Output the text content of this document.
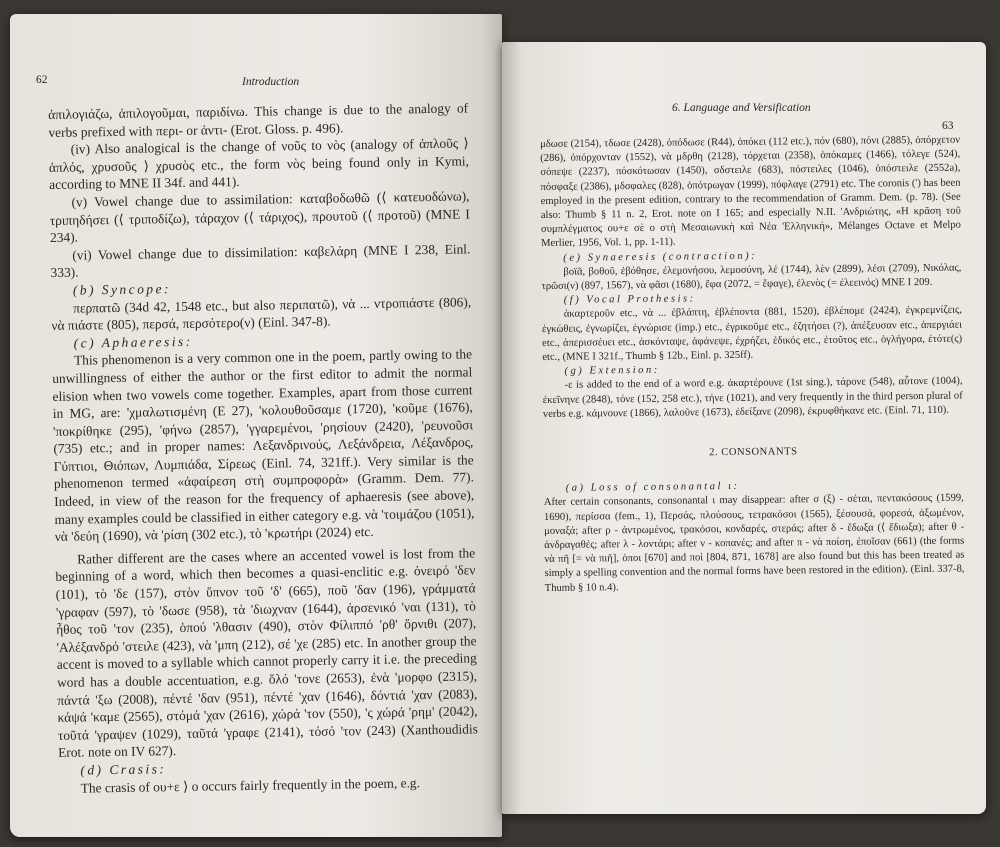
62	Introduction

ἀπιλογιάζω, ἀπιλογοῦμαι, παριδίνω. This change is due to the analogy of verbs prefixed with περι- or ἀντι- (Erot. Gloss. p. 496).

(iv) Also analogical is the change of νοῦς to νὸς (analogy of ἁπλοῦς ⟩ ἁπλός, χρυσοῦς ⟩ χρυσὸς etc., the form νὸς being found only in Kymi, according to MNE II 34f. and 441).

(v) Vowel change due to assimilation: καταβοδωθῶ (⟨ κατευοδώνω), τριπηδήσει (⟨ τριποδίζω), τάραχον (⟨ τάριχος), προυτοῦ (⟨ προτοῦ) (MNE I 234).

(vi) Vowel change due to dissimilation: καβελάρη (MNE I 238, Einl. 333).

(b) Syncope:

περπατῶ (34d 42, 1548 etc., but also περιπατῶ), νὰ ... ντροπιάστε (806), νὰ πιάστε (805), περσά, περσότερο(ν) (Einl. 347-8).

(c) Aphaeresis:

This phenomenon is a very common one in the poem, partly owing to the unwillingness of either the author or the first editor to admit the normal elision when two vowels come together. Examples, apart from those current in MG, are: 'χμαλωτισμένη (E 27), 'κολουθοῦσαμε (1720), 'κοῦμε (1676), 'ποκρίθηκε (295), 'φήνω (2857), 'γγαρεμένοι, 'ρησίουν (2420), 'ρευνοῦσι (735) etc.; and in proper names: Λεξανδρινούς, Λεξάνδρεια, Λέξανδρος, Γύπτιοι, Θιόπων, Λυμπιάδα, Σίρεως (Einl. 74, 321ff.). Very similar is the phenomenon termed «ἀφαίρεση στὴ συμπροφορὰ» (Gramm. Dem. 77). Indeed, in view of the reason for the frequency of aphaeresis (see above), many examples could be classified in either category e.g. νὰ 'τοιμάζου (1051), νὰ 'δεύη (1690), νὰ 'ρίση (302 etc.), τὸ 'κρωτήρι (2024) etc.

Rather different are the cases where an accented vowel is lost from the beginning of a word, which then becomes a quasi-enclitic e.g. ὀνειρό 'δεν (101), τὸ 'δε (157), στὸν ὕπνον τοῦ 'δ' (665), ποῦ 'δαν (196), γράμματά 'γραφαν (597), τὸ 'δωσε (958), τὰ 'διωχναν (1644), ἀρσενικό 'ναι (131), τὸ ἦθος τοῦ 'τον (235), ὁπού 'λθασιν (490), στὸν Φίλιππό 'ρθ' ὄρνιθι (207), 'Αλέξανδρό 'στειλε (423), νὰ 'μπη (212), σέ 'χε (285) etc. In another group the accent is moved to a syllable which cannot properly carry it i.e. the preceding word has a double accentuation, e.g. ὅλό 'τονε (2653), ἐνὰ 'μορφο (2315), πάντά 'ξω (2008), πέντέ 'δαν (951), πέντέ 'χαν (1646), δόντιά 'χαν (2083), κάψά 'καμε (2565), στόμά 'χαν (2616), χώρά 'τον (550), 'ς χώρά 'ρημ' (2042), τοῦτά 'γραψεν (1029), ταῦτά 'γραφε (2141), τόσό 'τον (243) (Xanthoudidis Erot. note on IV 627).

(d) Crasis:

The crasis of ου+ε ⟩ ο occurs fairly frequently in the poem, e.g.

6. Language and Versification
63

μδωσε (2154), τδωσε (2428), ὁπόδωσε (R44), ὁπόκει (112 etc.), πόν (680), πόνι (2885), ὁπόρχετον (286), ὁπόρχονταν (1552), νὰ μδρθη (2128), τόρχεται (2358), ὁπόκαμες (1466), τόλεγε (524), σόπεψε (2237), πόσκότωσαν (1450), σδστειλε (683), πόστειλες (1046), ὁπόστειλε (2552a), πόσφαξε (2386), μδσφαλες (828), ὁπότρωγαν (1999), πόφλαγε (2791) etc. The coronis (') has been employed in the present edition, contrary to the recommendation of Gramm. Dem. (p. 78). (See also: Thumb § 11 n. 2, Erot. note on I 165; and especially N.II. 'Ανδριώτης, «Η κρᾶση τοῦ συμπλέγματος ου+ε σὲ ο στὴ Μεσαιωνικὴ καὶ Νέα 'Ελληνική», Mélanges Octave et Melpo Merlier, 1956, Vol. 1, pp. 1-11).

(e) Synaeresis (contraction):

βοϊᾶ, βοθοῦ, ἐβόθησε, ἐλεμονήσου, λεμοσύνη, λέ (1744), λὲν (2899), λέσι (2709), Νικόλας, τρῶσι(ν) (897, 1567), νὰ φᾶσι (1680), ἔφα (2072, = ἔφαγε), ἐλενὸς (= ἐλεεινός) MNE I 209.

(f) Vocal Prothesis:

ἀκαρτεροῦν etc., νὰ ... ἐβλάπτη, ἐβλέποντα (881, 1520), ἐβλέπομε (2424), ἐγκρεμνίζεις, ἐγκώθεις, ἐγνωρίζει, ἐγνώρισε (imp.) etc., ἐγρικοῦμε etc., ἐζητήσει (?), ἀπέξευσαν etc., ἀπεργιάει etc., ἀπερισσέυει etc., ἀσκόνταψε, ἀφάνεψε, ἐχρήζει, ἐδικός etc., ἐτοῦτος etc., ὀγλήγορα, ἐτότε(ς) etc., (MNE I 321f., Thumb § 12b., Einl. p. 325ff).

(g) Extension:

-ε is added to the end of a word e.g. ἀκαρτέρουνε (1st sing.), τάρονε (548), αὖτονε (1004), ἐκεῖνηνε (2848), τόνε (152, 258 etc.), τήνε (1021), and very frequently in the third person plural of verbs e.g. κάμνουνε (1866), λαλοῦνε (1673), ἐδείξανε (2098), ἐκρυφθήκανε etc. (Einl. 71, 110).

2. CONSONANTS

(a) Loss of consonantal ι:

After certain consonants, consonantal ι may disappear: after σ (ξ) - σέται, πεντακόσους (1599, 1690), περίσσα (fem., 1), Περσάς, πλούσους, τετρακόσοι (1565), ξέσουσά, φορεσά, ἀξωμένον, μοναξά; after ρ - ἀντρωμένος, τρακόσοι, κονδαρές, στεράς; after δ - ἔδωξα (⟨ ἔδιωξα); after θ - ἀνδραγαθές; after λ - λοντάρι; after ν - κοπανές; and after π - νὰ ποίση, ἐποῖσαν (661) (the forms νὰ πῆ [= νὰ πιῆ], ὁποι [670] and ποὶ [804, 871, 1678] are also found but this has been treated as simply a spelling convention and the normal forms have been restored in the edition). (Einl. 337-8, Thumb § 10 n.4).
